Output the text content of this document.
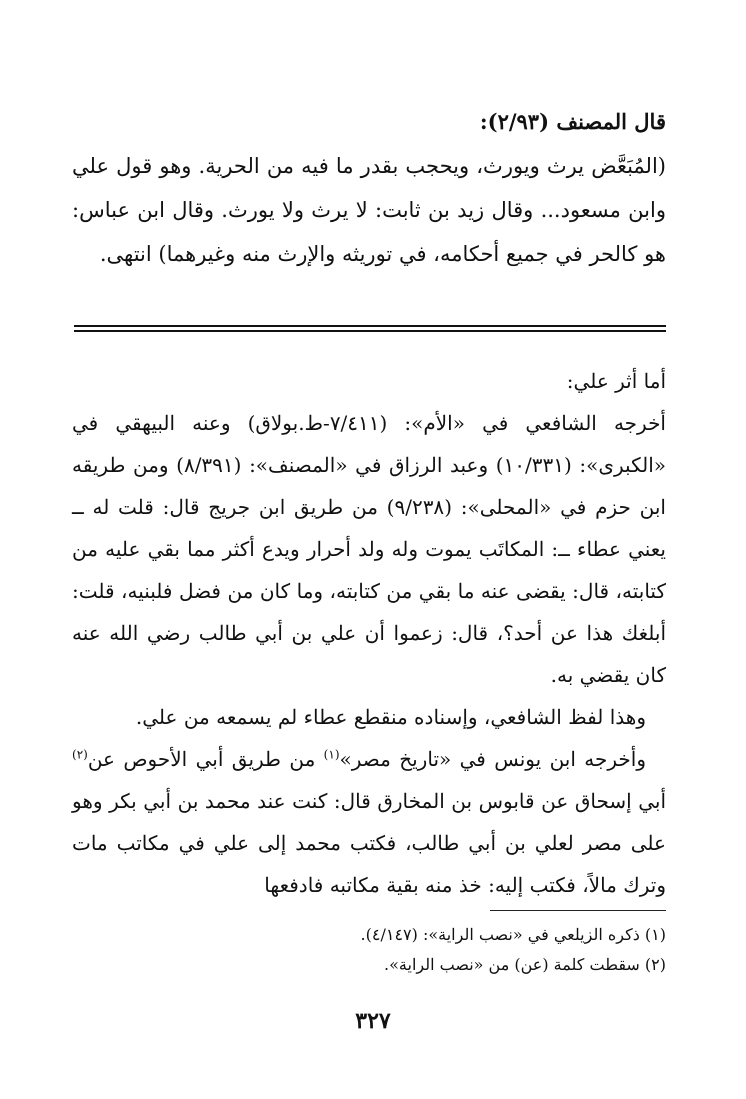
قال المصنف (٢/٩٣):

(المُبَعَّض يرث ويورث، ويحجب بقدر ما فيه من الحرية. وهو قول علي وابن مسعود... وقال زيد بن ثابت: لا يرث ولا يورث. وقال ابن عباس: هو كالحر في جميع أحكامه، في توريثه والإرث منه وغيرهما) انتهى.

أما أثر علي:

أخرجه الشافعي في «الأم»: (٧/٤١١-ط.بولاق) وعنه البيهقي في «الكبرى»: (١٠/٣٣١) وعبد الرزاق في «المصنف»: (٨/٣٩١) ومن طريقه ابن حزم في «المحلى»: (٩/٢٣٨) من طريق ابن جريج قال: قلت له ــ يعني عطاء ــ: المكاتَب يموت وله ولد أحرار ويدع أكثر مما بقي عليه من كتابته، قال: يقضى عنه ما بقي من كتابته، وما كان من فضل فلبنيه، قلت: أبلغك هذا عن أحد؟، قال: زعموا أن علي بن أبي طالب رضي الله عنه كان يقضي به.

وهذا لفظ الشافعي، وإسناده منقطع عطاء لم يسمعه من علي.

وأخرجه ابن يونس في «تاريخ مصر»$^{(١)}$ من طريق أبي الأحوص عن$^{(٢)}$ أبي إسحاق عن قابوس بن المخارق قال: كنت عند محمد بن أبي بكر وهو على مصر لعلي بن أبي طالب، فكتب محمد إلى علي في مكاتب مات وترك مالاً، فكتب إليه: خذ منه بقية مكاتبه فادفعها

(١) ذكره الزيلعي في «نصب الراية»: (٤/١٤٧).

(٢) سقطت كلمة (عن) من «نصب الراية».

٣٢٧
